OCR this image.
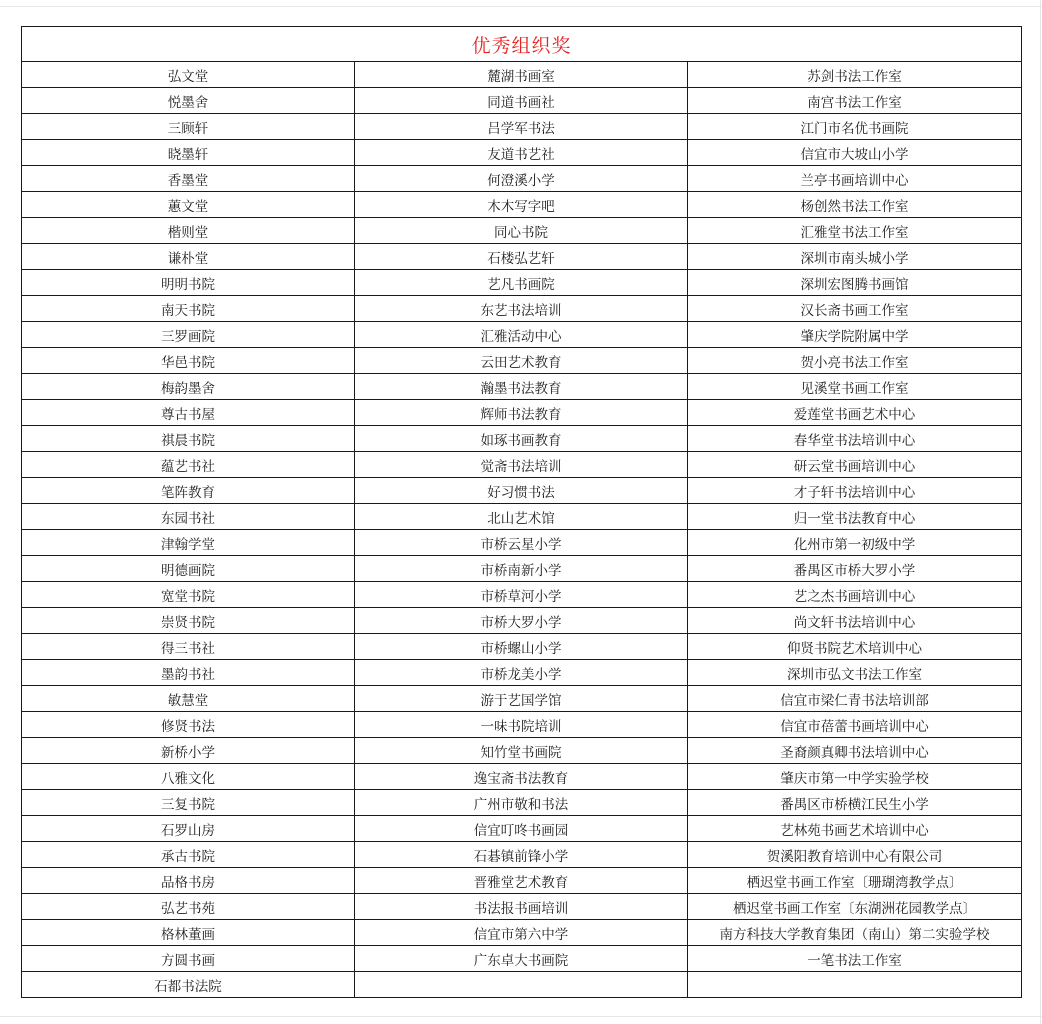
优秀组织奖		
弘文堂	麓湖书画室	苏剑书法工作室
悦墨舍	同道书画社	南宫书法工作室
三顾轩	吕学军书法	江门市名优书画院
晓墨轩	友道书艺社	信宜市大坡山小学
香墨堂	何澄溪小学	兰亭书画培训中心
蕙文堂	木木写字吧	杨创然书法工作室
楷则堂	同心书院	汇雅堂书法工作室
谦朴堂	石楼弘艺轩	深圳市南头城小学
明明书院	艺凡书画院	深圳宏图腾书画馆
南天书院	东艺书法培训	汉长斋书画工作室
三罗画院	汇雅活动中心	肇庆学院附属中学
华邑书院	云田艺术教育	贺小亮书法工作室
梅韵墨舍	瀚墨书法教育	见溪堂书画工作室
尊古书屋	辉师书法教育	爱莲堂书画艺术中心
祺晨书院	如琢书画教育	春华堂书法培训中心
蕴艺书社	觉斋书法培训	研云堂书画培训中心
笔阵教育	好习惯书法	才子轩书法培训中心
东园书社	北山艺术馆	归一堂书法教育中心
津翰学堂	市桥云星小学	化州市第一初级中学
明德画院	市桥南新小学	番禺区市桥大罗小学
宽堂书院	市桥草河小学	艺之杰书画培训中心
崇贤书院	市桥大罗小学	尚文轩书法培训中心
得三书社	市桥螺山小学	仰贤书院艺术培训中心
墨韵书社	市桥龙美小学	深圳市弘文书法工作室
敏慧堂	游于艺国学馆	信宜市梁仁青书法培训部
修贤书法	一味书院培训	信宜市蓓蕾书画培训中心
新桥小学	知竹堂书画院	圣裔颜真卿书法培训中心
八雅文化	逸宝斋书法教育	肇庆市第一中学实验学校
三复书院	广州市敬和书法	番禺区市桥横江民生小学
石罗山房	信宜叮咚书画园	艺林苑书画艺术培训中心
承古书院	石碁镇前锋小学	贺溪阳教育培训中心有限公司
品格书房	晋雅堂艺术教育	栖迟堂书画工作室〔珊瑚湾教学点〕
弘艺书苑	书法报书画培训	栖迟堂书画工作室〔东湖洲花园教学点〕
格林董画	信宜市第六中学	南方科技大学教育集团（南山）第二实验学校
方圆书画	广东卓大书画院	一笔书法工作室
石都书法院		
